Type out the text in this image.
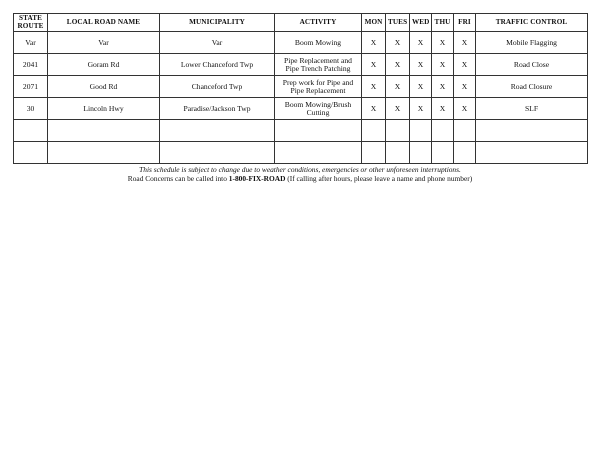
STATE ROUTE	LOCAL ROAD NAME	MUNICIPALITY	ACTIVITY	MON	TUES	WED	THU	FRI	TRAFFIC CONTROL
Var	Var	Var	Boom Mowing	X	X	X	X	X	Mobile Flagging
2041	Goram Rd	Lower Chanceford Twp	Pipe Replacement and Pipe Trench Patching	X	X	X	X	X	Road Close
2071	Good Rd	Chanceford Twp	Prep work for Pipe and Pipe Replacement	X	X	X	X	X	Road Closure
30	Lincoln Hwy	Paradise/Jackson Twp	Boom Mowing/Brush Cutting	X	X	X	X	X	SLF

This schedule is subject to change due to weather conditions, emergencies or other unforeseen interruptions.
Road Concerns can be called into 1-800-FIX-ROAD (If calling after hours, please leave a name and phone number)
